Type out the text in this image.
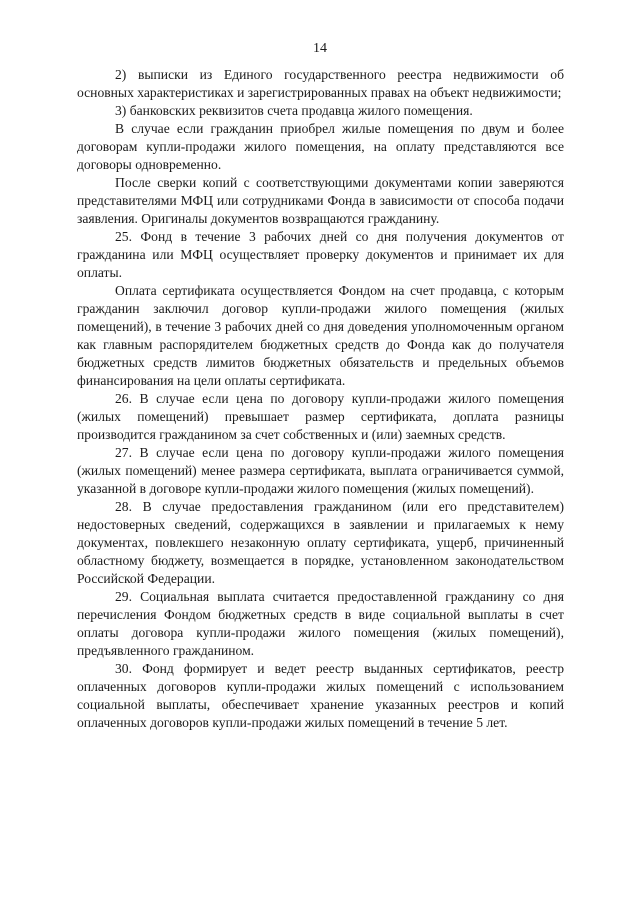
14

2) выписки из Единого государственного реестра недвижимости об основных характеристиках и зарегистрированных правах на объект недвижимости;

3) банковских реквизитов счета продавца жилого помещения.

В случае если гражданин приобрел жилые помещения по двум и более договорам купли-продажи жилого помещения, на оплату представляются все договоры одновременно.

После сверки копий с соответствующими документами копии заверяются представителями МФЦ или сотрудниками Фонда в зависимости от способа подачи заявления. Оригиналы документов возвращаются гражданину.

25. Фонд в течение 3 рабочих дней со дня получения документов от гражданина или МФЦ осуществляет проверку документов и принимает их для оплаты.

Оплата сертификата осуществляется Фондом на счет продавца, с которым гражданин заключил договор купли-продажи жилого помещения (жилых помещений), в течение 3 рабочих дней со дня доведения уполномоченным органом как главным распорядителем бюджетных средств до Фонда как до получателя бюджетных средств лимитов бюджетных обязательств и предельных объемов финансирования на цели оплаты сертификата.

26. В случае если цена по договору купли-продажи жилого помещения (жилых помещений) превышает размер сертификата, доплата разницы производится гражданином за счет собственных и (или) заемных средств.

27. В случае если цена по договору купли-продажи жилого помещения (жилых помещений) менее размера сертификата, выплата ограничивается суммой, указанной в договоре купли-продажи жилого помещения (жилых помещений).

28. В случае предоставления гражданином (или его представителем) недостоверных сведений, содержащихся в заявлении и прилагаемых к нему документах, повлекшего незаконную оплату сертификата, ущерб, причиненный областному бюджету, возмещается в порядке, установленном законодательством Российской Федерации.

29. Социальная выплата считается предоставленной гражданину со дня перечисления Фондом бюджетных средств в виде социальной выплаты в счет оплаты договора купли-продажи жилого помещения (жилых помещений), предъявленного гражданином.

30. Фонд формирует и ведет реестр выданных сертификатов, реестр оплаченных договоров купли-продажи жилых помещений с использованием социальной выплаты, обеспечивает хранение указанных реестров и копий оплаченных договоров купли-продажи жилых помещений в течение 5 лет.
